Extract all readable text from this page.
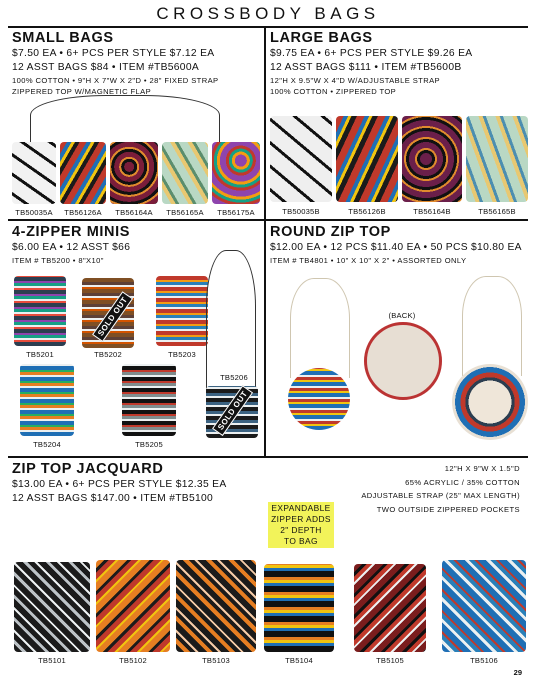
CROSSBODY BAGS
SMALL BAGS
$7.50 EA • 6+ PCS PER STYLE $7.12 EA
12 ASST BAGS $84 • ITEM #TB5600A
100% COTTON • 9"H X 7"W X 2"D • 28" FIXED STRAP
ZIPPERED TOP W/MAGNETIC FLAP
TB50035A	TB56126A	TB56164A	TB56165A	TB56175A
LARGE BAGS
$9.75 EA • 6+ PCS PER STYLE $9.26 EA
12 ASST BAGS $111 • ITEM #TB5600B
12"H X 9.5"W X 4"D W/ADJUSTABLE STRAP
100% COTTON • ZIPPERED TOP
TB50035B	TB56126B	TB56164B	TB56165B
4-ZIPPER MINIS
$6.00 EA • 12 ASST $66
ITEM # TB5200 • 8"X10"
SOLD OUT
TB5201	TB5202	TB5203
SOLD OUT
TB5204	TB5205
TB5206
ROUND ZIP TOP
$12.00 EA • 12 PCS $11.40 EA • 50 PCS $10.80 EA
ITEM # TB4801 • 10" X 10" X 2" • ASSORTED ONLY
(BACK)
ZIP TOP JACQUARD
$13.00 EA • 6+ PCS PER STYLE $12.35 EA
12 ASST BAGS $147.00 • ITEM #TB5100
12"H X 9"W X 1.5"D
65% ACRYLIC / 35% COTTON
ADJUSTABLE STRAP (25" MAX LENGTH)
TWO OUTSIDE ZIPPERED POCKETS
EXPANDABLE
ZIPPER ADDS
2" DEPTH
TO BAG
TB5101	TB5102	TB5103	TB5104	TB5105	TB5106
29
